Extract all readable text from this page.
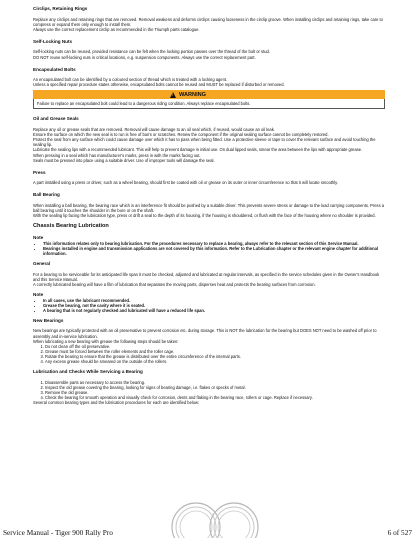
Circlips, Retaining Rings

Replace any circlips and retaining rings that are removed. Removal weakens and deforms circlips causing looseness in the circlip groove. When installing circlips and retaining rings, take care to compress or expand them only enough to install them.

Always use the correct replacement circlip as recommended in the Triumph parts catalogue.

Self-Locking Nuts

Self-locking nuts can be reused, provided resistance can be felt when the locking portion passes over the thread of the bolt or stud.

DO NOT reuse self-locking nuts in critical locations, e.g. suspension components. Always use the correct replacement part.

Encapsulated Bolts

An encapsulated bolt can be identified by a coloured section of thread which is treated with a locking agent.

Unless a specified repair procedure states otherwise, encapsulated bolts cannot be reused and MUST be replaced if disturbed or removed.

!
WARNING
Failure to replace an encapsulated bolt could lead to a dangerous riding condition. Always replace encapsulated bolts.

Oil and Grease Seals

Replace any oil or grease seals that are removed. Removal will cause damage to an oil seal which, if reused, would cause an oil leak.

Ensure the surface on which the new seal is to run is free of burrs or scratches. Renew the component if the original sealing surface cannot be completely restored.

Protect the seal from any surface which could cause damage over which it has to pass when being fitted. Use a protective sleeve or tape to cover the relevant surface and avoid touching the sealing lip.

Lubricate the sealing lips with a recommended lubricant. This will help to prevent damage in initial use. On dual lipped seals, smear the area between the lips with appropriate grease.

When pressing in a seal which has manufacturer's marks, press in with the marks facing out.

Seals must be pressed into place using a suitable driver. Use of improper tools will damage the seal.

Press

A part installed using a press or driver, such as a wheel bearing, should first be coated with oil or grease on its outer or inner circumference so that it will locate smoothly.

Ball Bearing

When installing a ball bearing, the bearing race which is an interference fit should be pushed by a suitable driver. This prevents severe stress or damage to the load carrying components. Press a ball bearing until it touches the shoulder in the bore or on the shaft.

With the sealing lip facing the lubrication type, press or drift a seal to the depth of its housing, if the housing is shouldered, or flush with the face of the housing where no shoulder is provided.

Chassis Bearing Lubrication

Note

• This information relates only to bearing lubrication. For the procedures necessary to replace a bearing, always refer to the relevant section of this Service Manual.
• Bearings installed in engine and transmission applications are not covered by this information. Refer to the Lubrication chapter or the relevant engine chapter for additional information.

General

For a bearing to be serviceable for its anticipated life span it must be checked, adjusted and lubricated at regular intervals, as specified in the service schedules given in the Owner's Handbook and this Service Manual.

A correctly lubricated bearing will have a film of lubrication that separates the moving parts, disperses heat and protects the bearing surfaces from corrosion.

Note

• In all cases, use the lubricant recommended.
• Grease the bearing, not the cavity where it is seated.
• A bearing that is not regularly checked and lubricated will have a reduced life span.

New Bearings

New bearings are typically protected with an oil preservative to prevent corrosion etc. during storage. This is NOT the lubrication for the bearing but DOES NOT need to be washed off prior to assembly and in-service lubrication.

When lubricating a new bearing with grease the following steps should be taken:

1. Do not clean off the oil preservative.
2. Grease must be forced between the roller elements and the roller cage.
3. Rotate the bearing to ensure that the grease is distributed over the entire circumference of the internal parts.
4. Any excess grease should be smeared on the outside of the rollers.

Lubrication and Checks While Servicing a Bearing

1. Disassemble parts as necessary to access the bearing.
2. Inspect the old grease covering the bearing, looking for signs of bearing damage, i.e. flakes or specks of metal.
3. Remove the old grease.
4. Check the bearing for smooth operation and visually check for corrosion, dents and flaking in the bearing race, rollers or cage. Replace if necessary.

Several common bearing types and the lubrication procedures for each are identified below:

Service Manual - Tiger 900 Rally Pro	6 of 527
